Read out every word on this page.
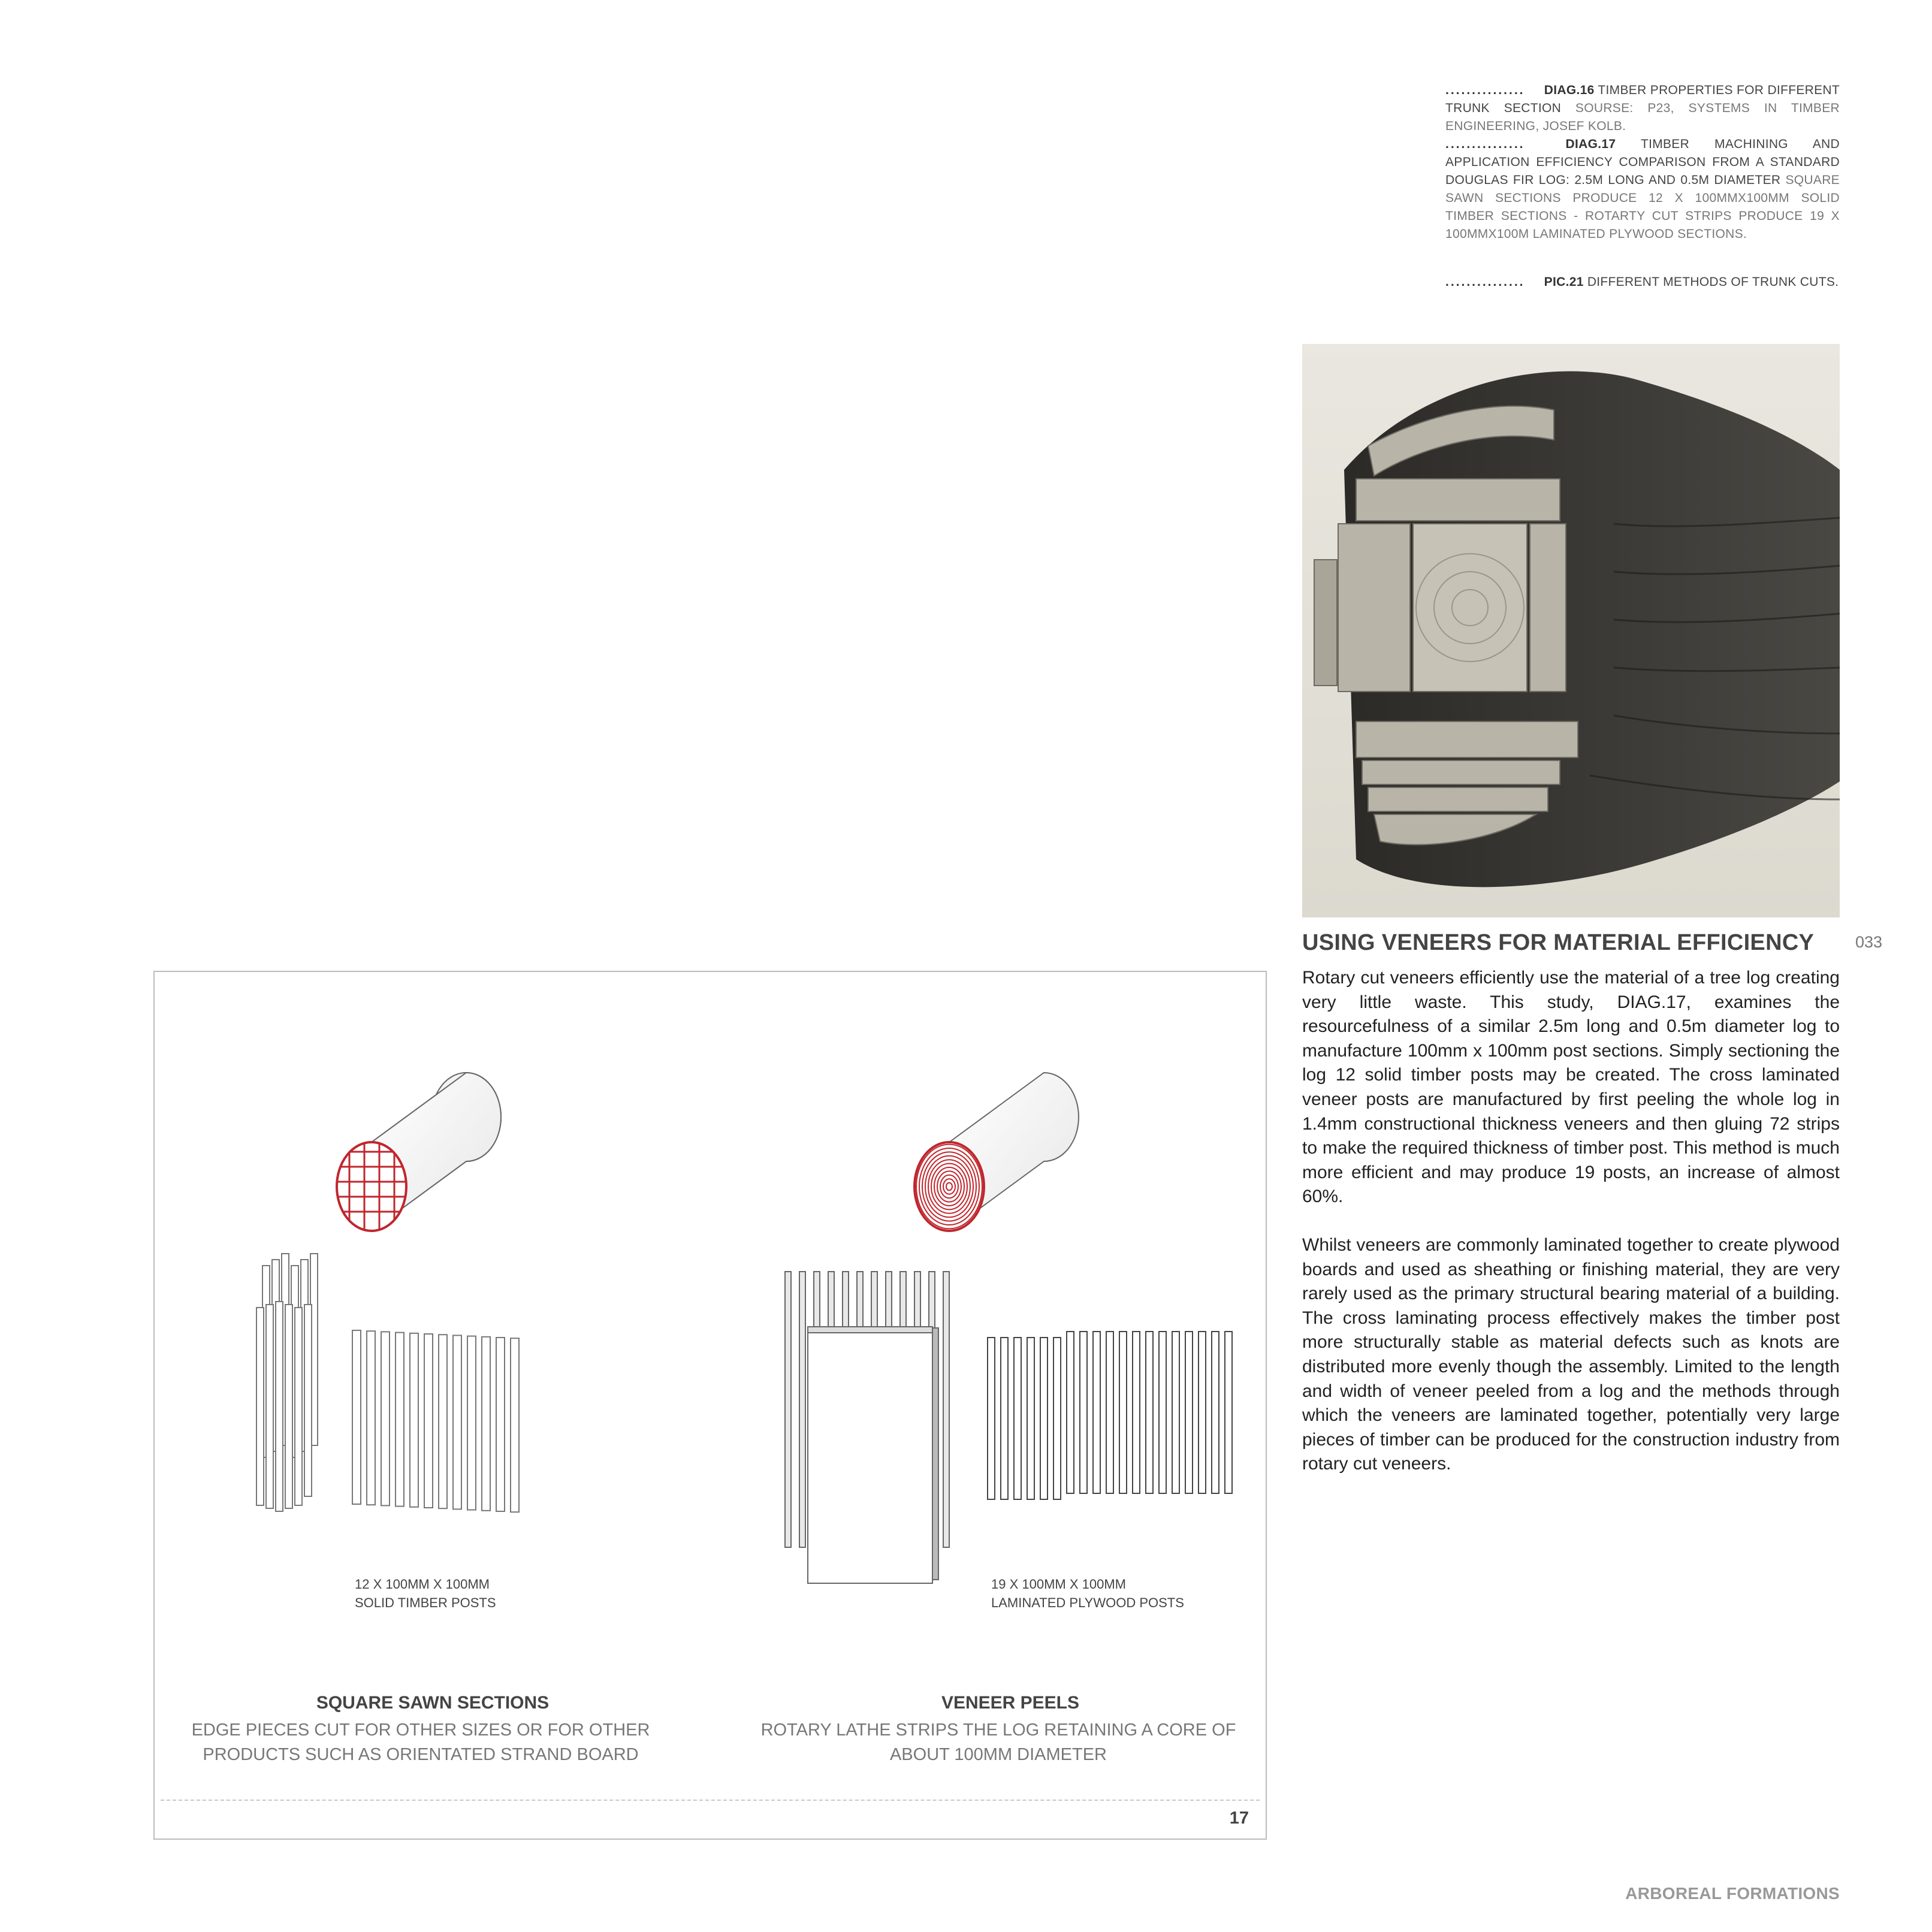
............... DIAG.16 TIMBER PROPERTIES FOR DIFFERENT TRUNK SECTION SOURSE: P23, SYSTEMS IN TIMBER ENGINEERING, JOSEF KOLB.
...............	DIAG.17 TIMBER MACHINING AND APPLICATION EFFICIENCY COMPARISON FROM A STANDARD DOUGLAS FIR LOG: 2.5M LONG AND 0.5M DIAMETER SQUARE SAWN SECTIONS PRODUCE 12 X 100MMX100MM SOLID TIMBER SECTIONS - ROTARTY CUT STRIPS PRODUCE 19 X 100MMX100M LAMINATED PLYWOOD SECTIONS.
............... PIC.21 DIFFERENT METHODS OF TRUNK CUTS.
USING VENEERS FOR MATERIAL EFFICIENCY	033

Rotary cut veneers efficiently use the material of a tree log creating very little waste. This study, DIAG.17, examines the resourcefulness of a similar 2.5m long and 0.5m diameter log to manufacture 100mm x 100mm post sections. Simply sectioning the log 12 solid timber posts may be created. The cross laminated veneer posts are manufactured by first peeling the whole log in 1.4mm constructional thickness veneers and then gluing 72 strips to make the required thickness of timber post. This method is much more efficient and may produce 19 posts, an increase of almost 60%.

Whilst veneers are commonly laminated together to create plywood boards and used as sheathing or finishing material, they are very rarely used as the primary structural bearing material of a building. The cross laminating process effectively makes the timber post more structurally stable as material defects such as knots are distributed more evenly though the assembly. Limited to the length and width of veneer peeled from a log and the methods through which the veneers are laminated together, potentially very large pieces of timber can be produced for the construction industry from rotary cut veneers.

12 X 100MM X 100MM
SOLID TIMBER POSTS
19 X 100MM X 100MM
LAMINATED PLYWOOD POSTS
SQUARE SAWN SECTIONS
EDGE PIECES CUT FOR OTHER SIZES OR FOR OTHER PRODUCTS SUCH AS ORIENTATED STRAND BOARD
VENEER PEELS
ROTARY LATHE STRIPS THE LOG RETAINING A CORE OF ABOUT 100MM DIAMETER
17
ARBOREAL FORMATIONS
